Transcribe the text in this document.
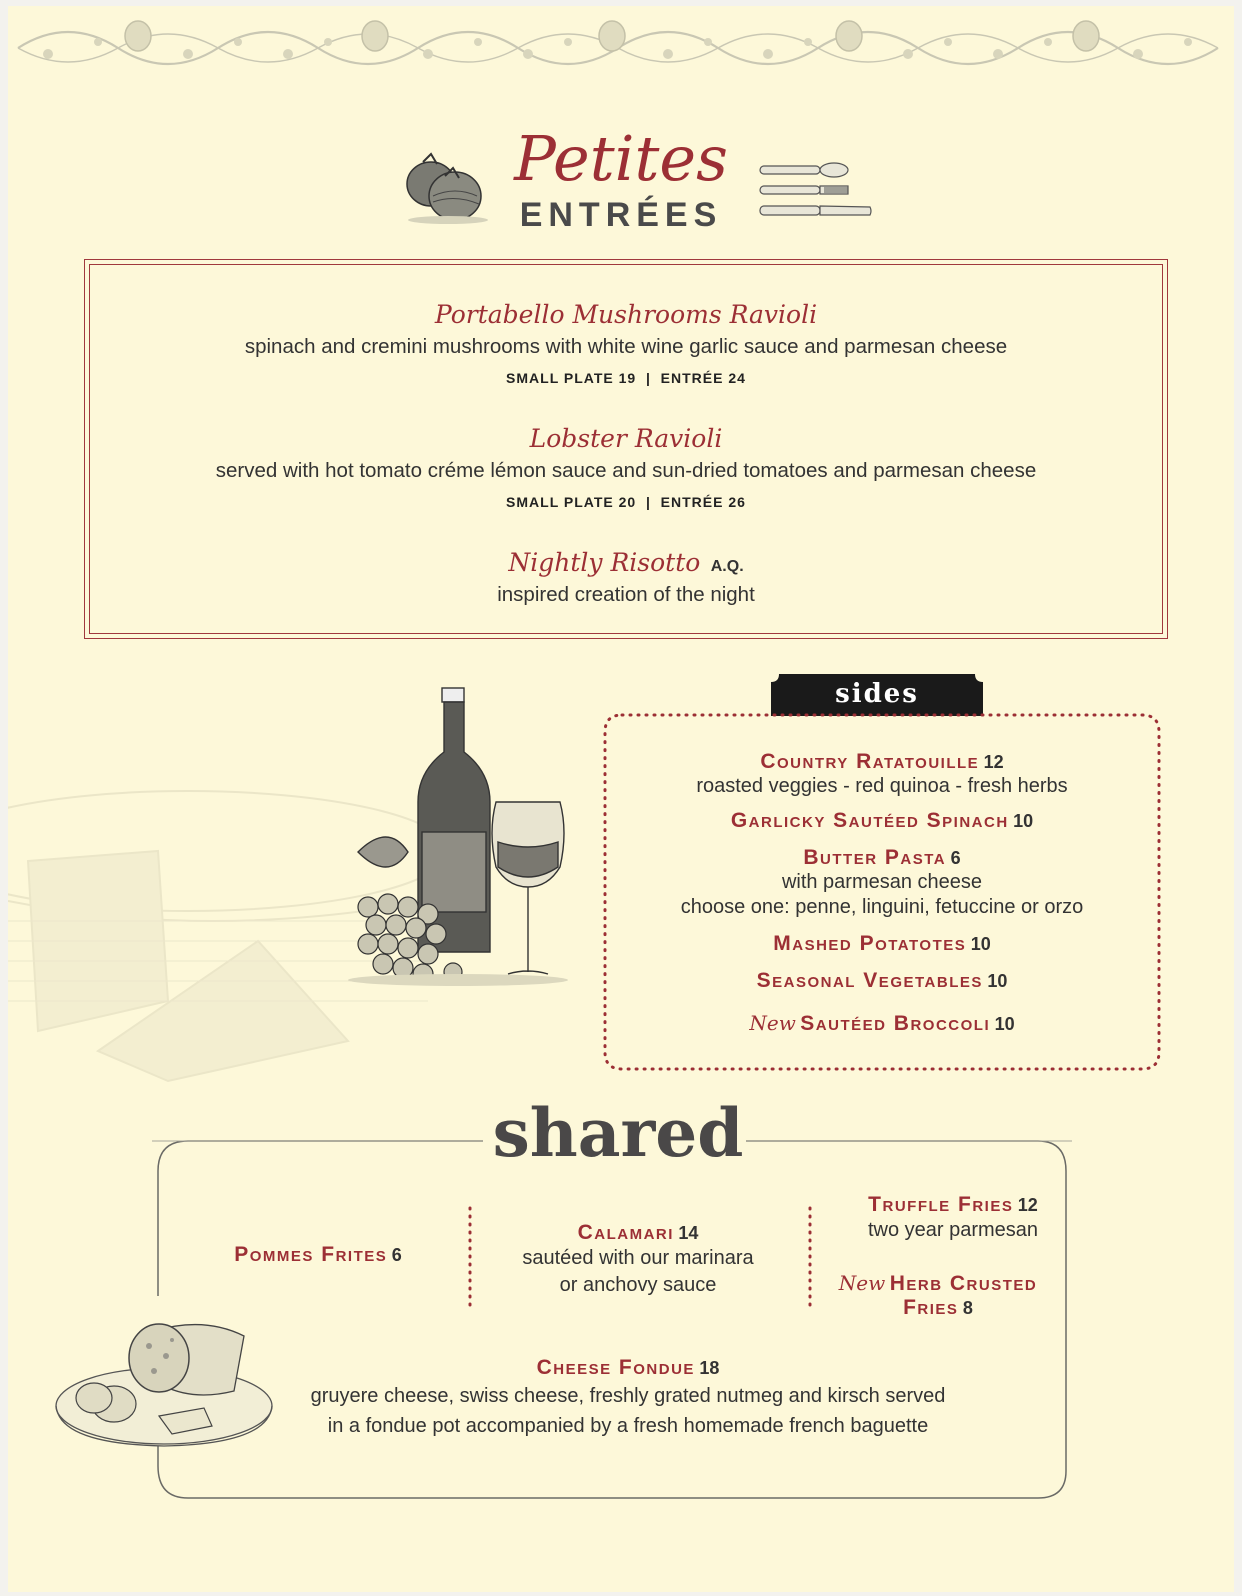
Petites
ENTRÉES
Portabello Mushrooms Ravioli
spinach and cremini mushrooms with white wine garlic sauce and parmesan cheese
SMALL PLATE 19  |  ENTRÉE 24
Lobster Ravioli
served with hot tomato créme lémon sauce and sun-dried tomatoes and parmesan cheese
SMALL PLATE 20  |  ENTRÉE 26
Nightly Risotto A.Q.
inspired creation of the night
sides
Country Ratatouille 12
roasted veggies - red quinoa - fresh herbs
Garlicky Sautéed Spinach 10
Butter Pasta 6
with parmesan cheese
choose one: penne, linguini, fetuccine or orzo
Mashed Potatotes 10
Seasonal Vegetables 10
New Sautéed Broccoli 10
shared
Pommes Frites 6
Calamari 14
sautéed with our marinara
or anchovy sauce
Truffle Fries 12
two year parmesan
New Herb Crusted
Fries 8
Cheese Fondue 18
gruyere cheese, swiss cheese, freshly grated nutmeg and kirsch served
in a fondue pot accompanied by a fresh homemade french baguette
